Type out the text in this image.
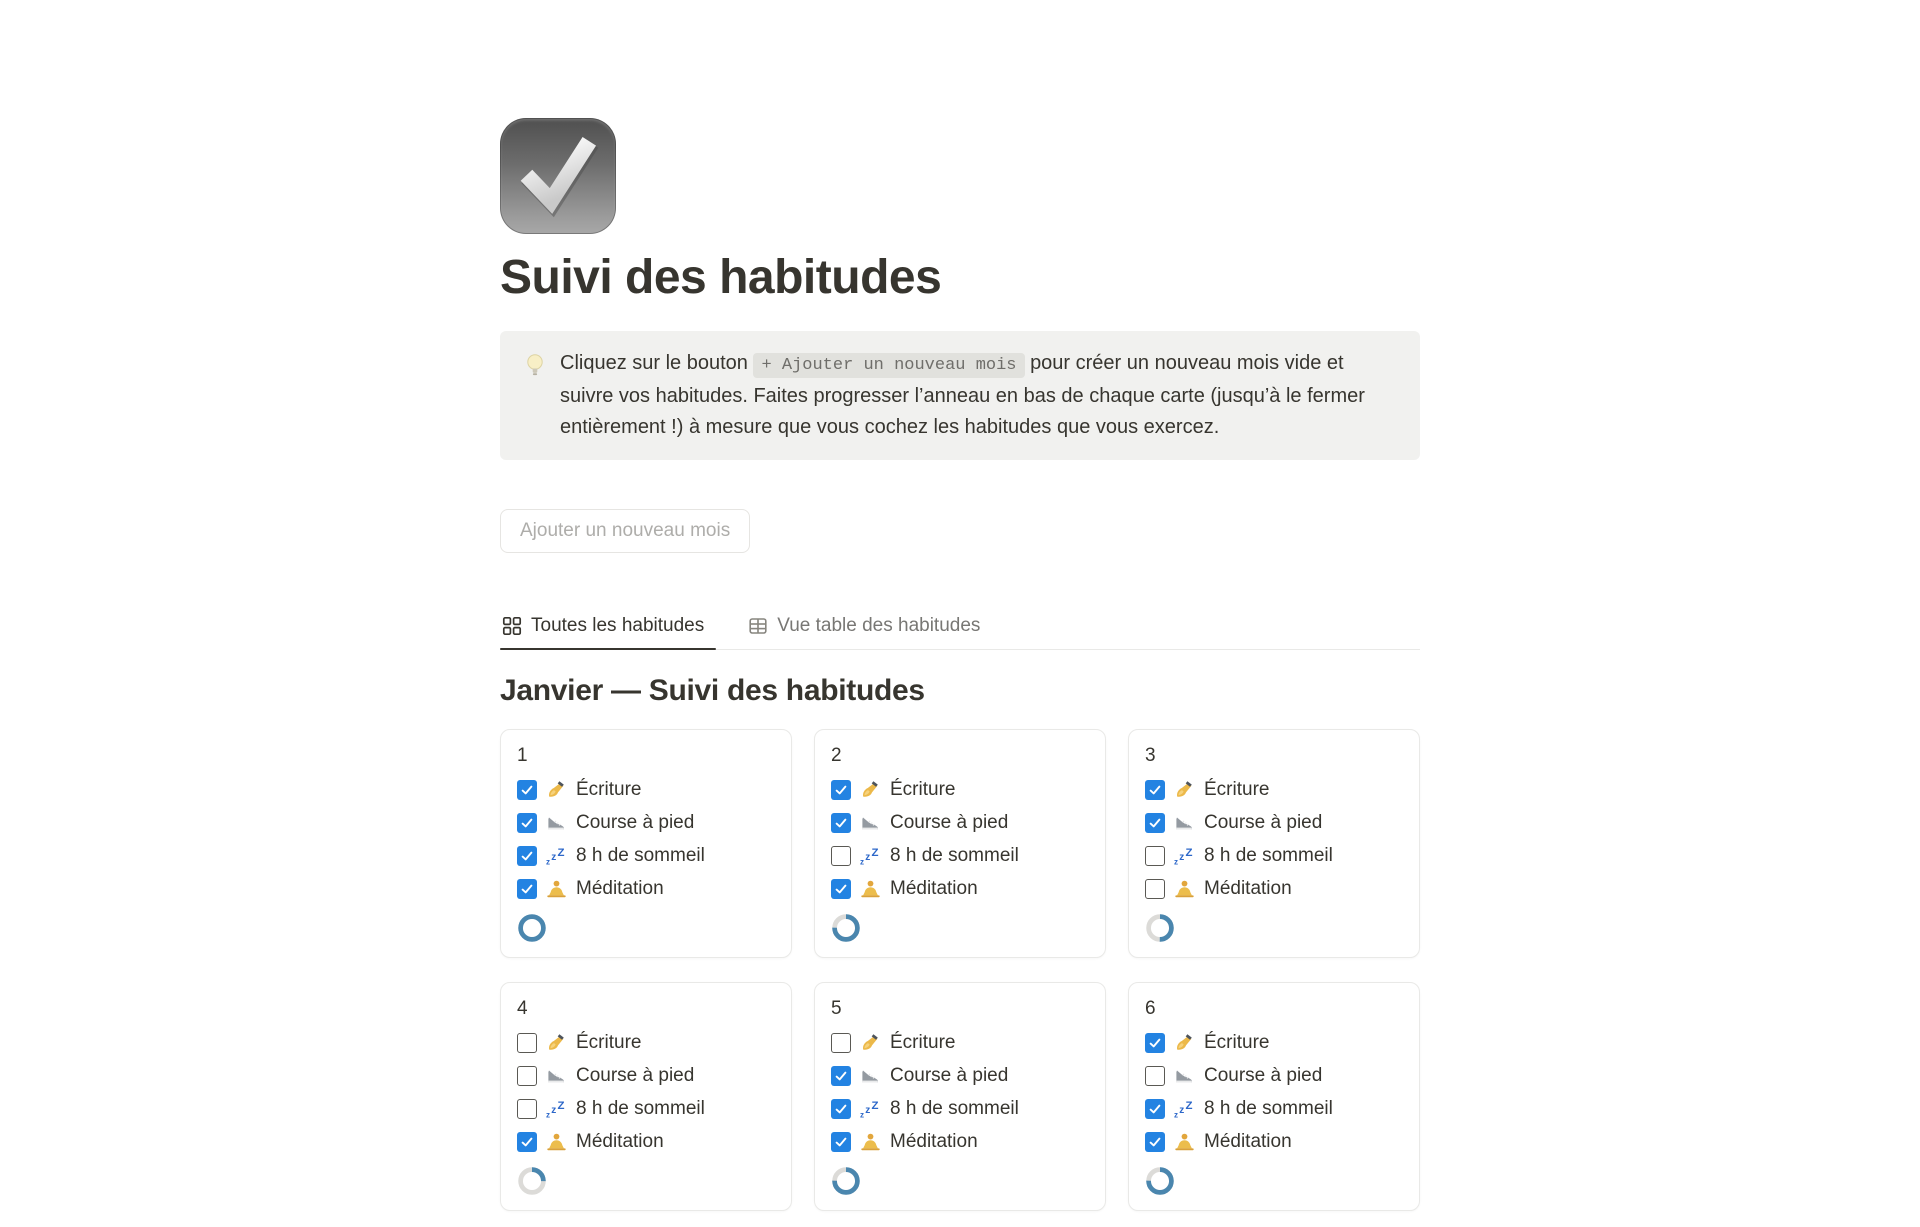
Suivi des habitudes

Cliquez sur le bouton + Ajouter un nouveau mois pour créer un nouveau mois vide et suivre vos habitudes. Faites progresser l’anneau en bas de chaque carte (jusqu’à le fermer entièrement !) à mesure que vous cochez les habitudes que vous exercez.

Ajouter un nouveau mois
Toutes les habitudes	Vue table des habitudes
Janvier — Suivi des habitudes

1

Écriture
Course à pied
z z Z 8 h de sommeil
Méditation

2

Écriture
Course à pied
z z Z 8 h de sommeil
Méditation

3

Écriture
Course à pied
z z Z 8 h de sommeil
Méditation

4

Écriture
Course à pied
z z Z 8 h de sommeil
Méditation

5

Écriture
Course à pied
z z Z 8 h de sommeil
Méditation

6

Écriture
Course à pied
z z Z 8 h de sommeil
Méditation
